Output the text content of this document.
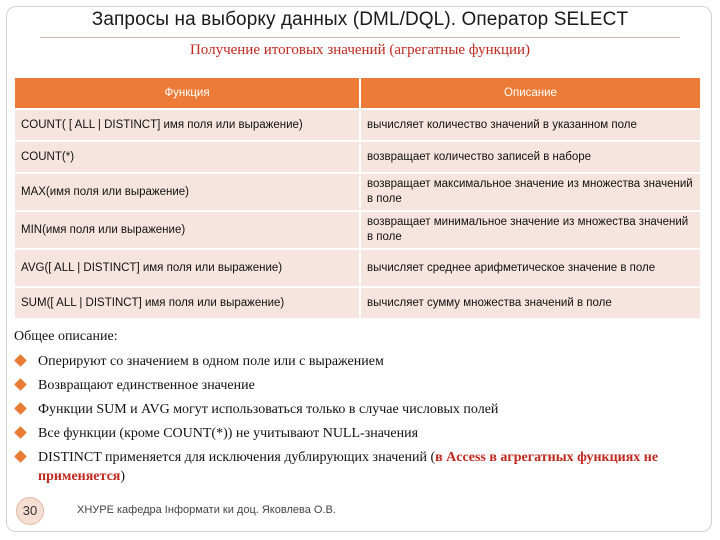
Запросы на выборку данных (DML/DQL). Оператор SELECT
Получение итоговых значений (агрегатные функции)
Функция	Описание
COUNT( [ ALL | DISTINCT] имя поля или выражение)	вычисляет количество значений в указанном поле
COUNT(*)	возвращает количество записей в наборе
MAX(имя поля или выражение)	возвращает максимальное значение из множества значений в поле
MIN(имя поля или выражение)	возвращает минимальное значение из множества значений в поле
AVG([ ALL | DISTINCT] имя поля или выражение)	вычисляет среднее арифметическое значение в поле
SUM([ ALL | DISTINCT] имя поля или выражение)	вычисляет сумму множества значений в поле
Общее описание:
Оперируют со значением в одном поле или с выражением
Возвращают единственное значение
Функции SUM и AVG могут использоваться только в случае числовых полей
Все функции (кроме COUNT(*)) не учитывают NULL-значения
DISTINCT применяется для исключения дублирующих значений (в Access в агрегатных функциях не применяется)
30	ХНУРЕ кафедра Інформати ки доц. Яковлева О.В.
